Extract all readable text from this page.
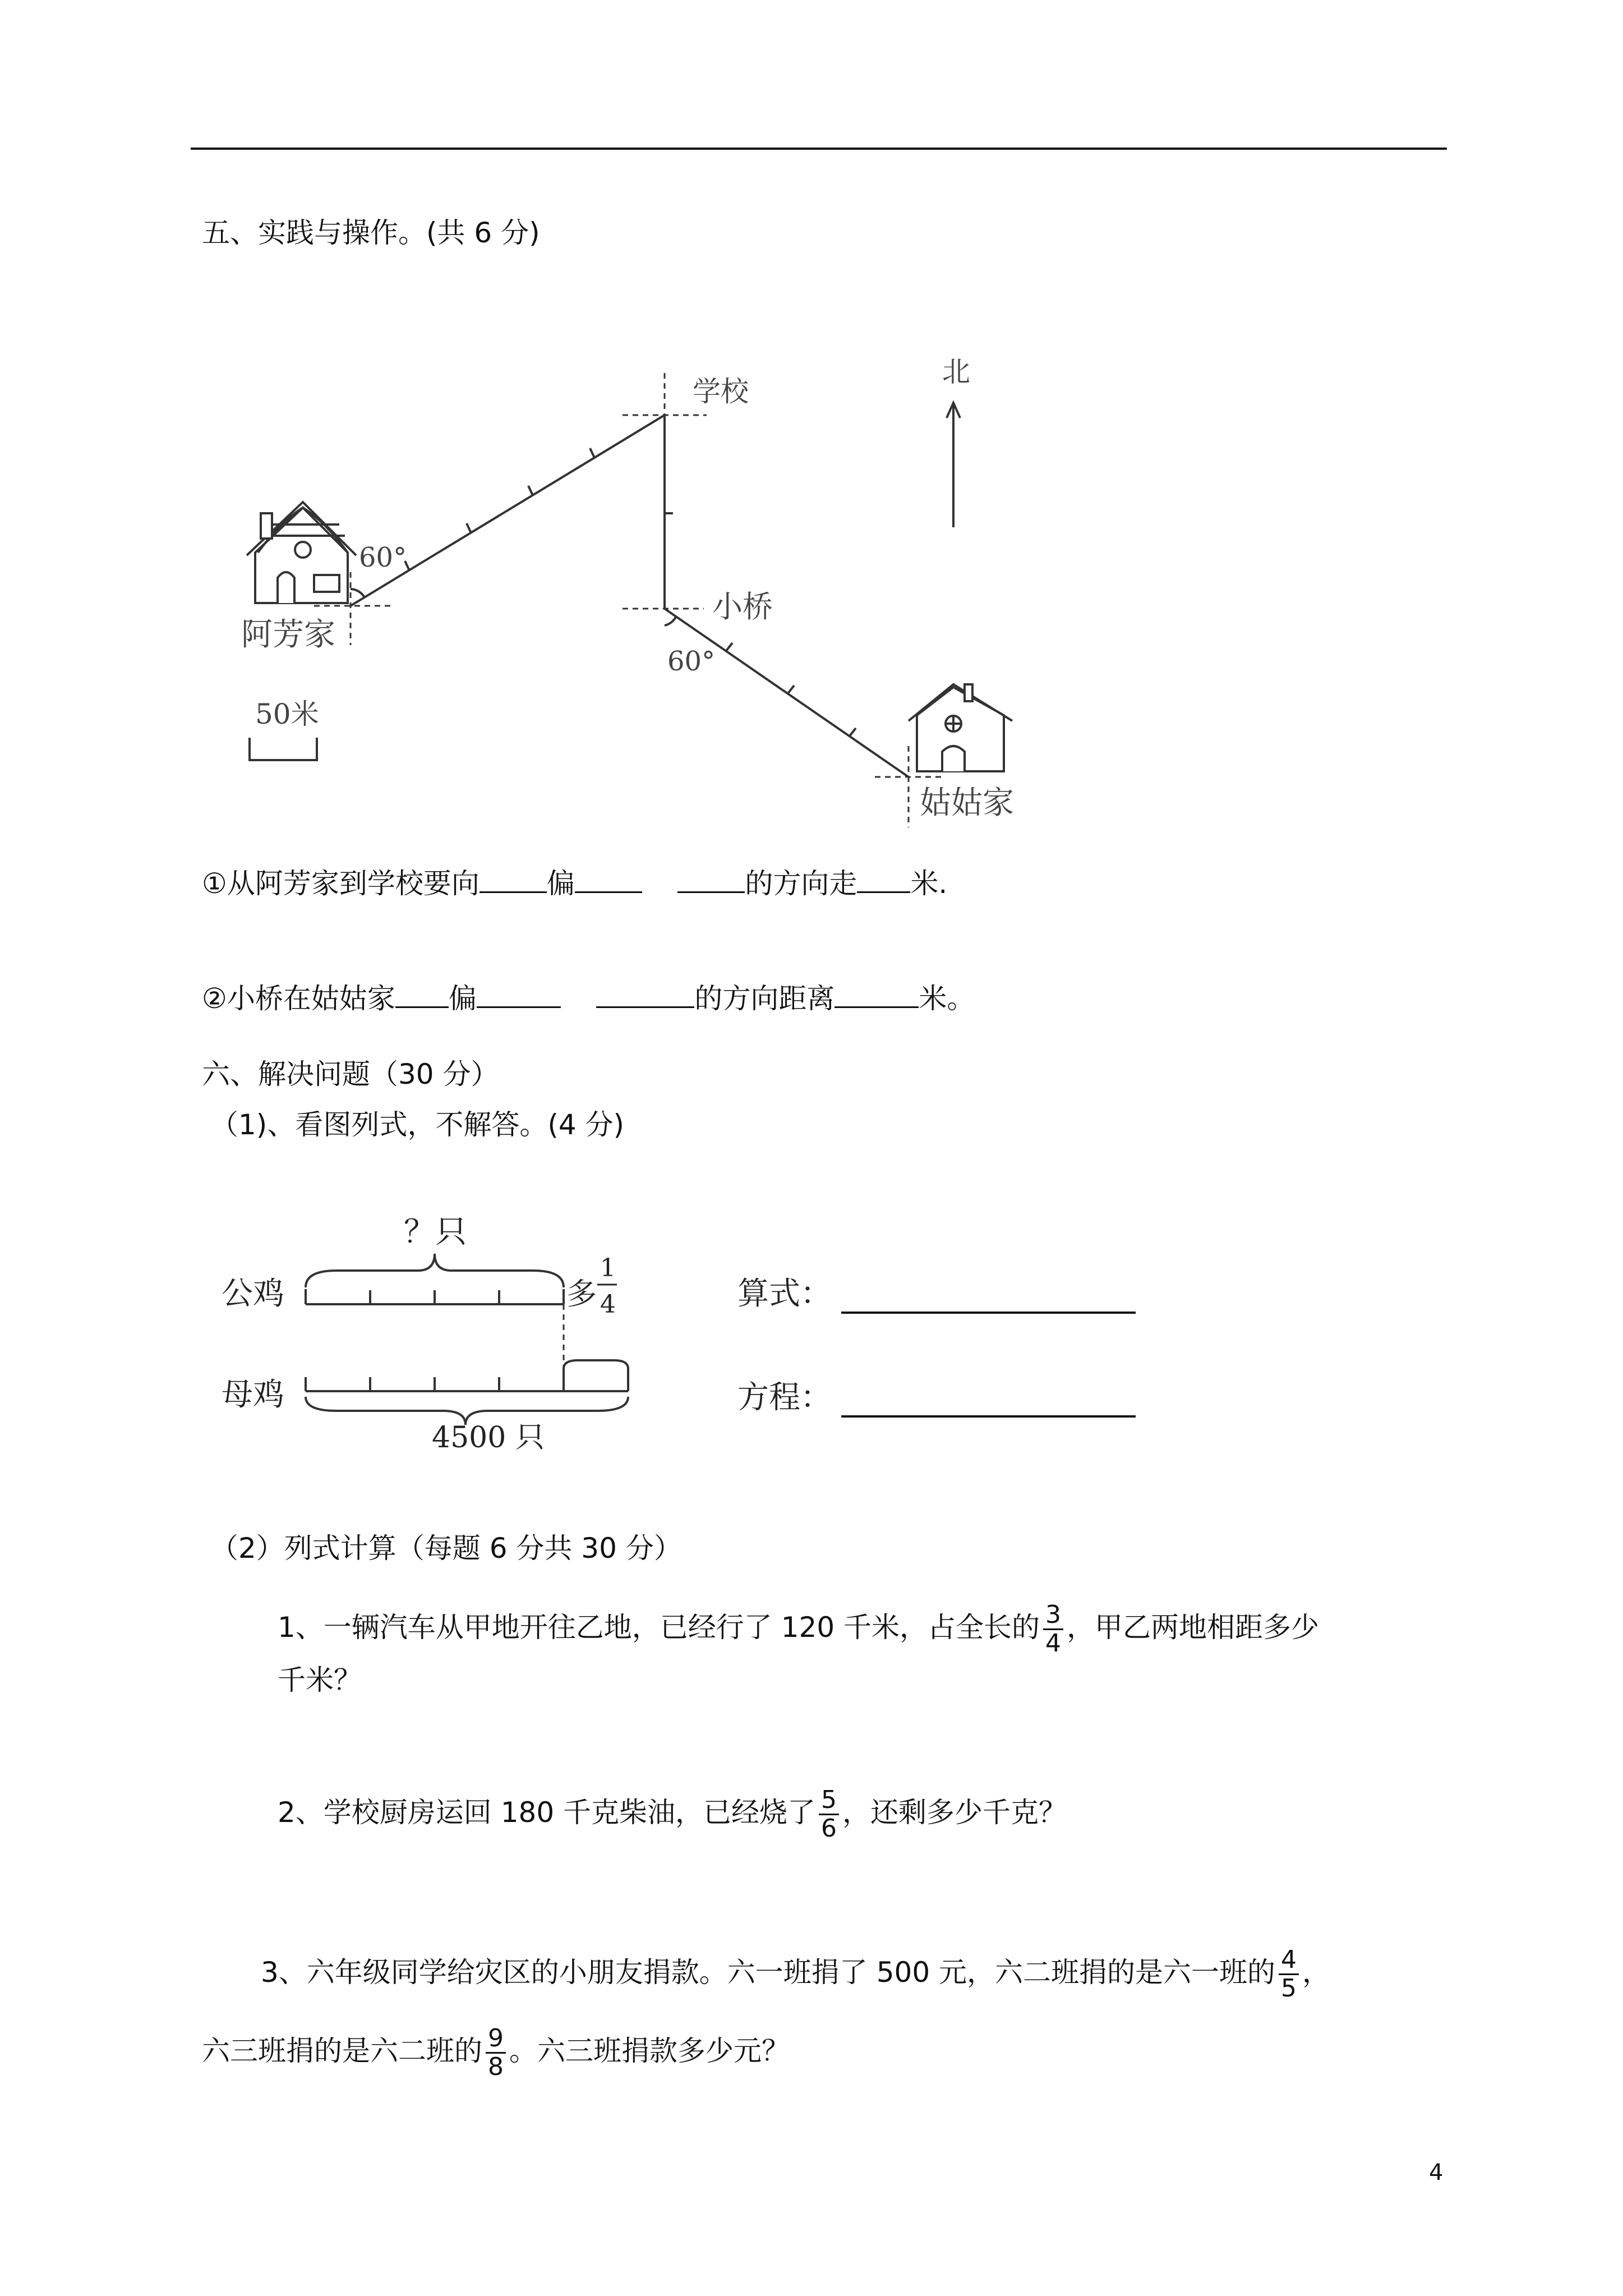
五、实践与操作。(共 6 分)
学校
北
60°
阿芳家
小桥
60°
姑姑家
50米
①从阿芳家到学校要向 偏	的方向走 米.
②小桥在姑姑家 偏	的方向距离	米。
六、解决问题（30 分）
（1)、看图列式，不解答。(4 分)
？只
公鸡	多
1
4
母鸡
4500 只
算式：
方程：
（2）列式计算（每题 6 分共 30 分）
1、一辆汽车从甲地开往乙地，已经行了 120 千米，占全长的 $\frac{3}{4}$ ，甲乙两地相距多少
千米？
2、学校厨房运回 180 千克柴油，已经烧了 $\frac{5}{6}$ ，还剩多少千克？
3、六年级同学给灾区的小朋友捐款。六一班捐了 500 元，六二班捐的是六一班的 $\frac{4}{5}$ ，
六三班捐的是六二班的 $\frac{9}{8}$ 。六三班捐款多少元？
4
